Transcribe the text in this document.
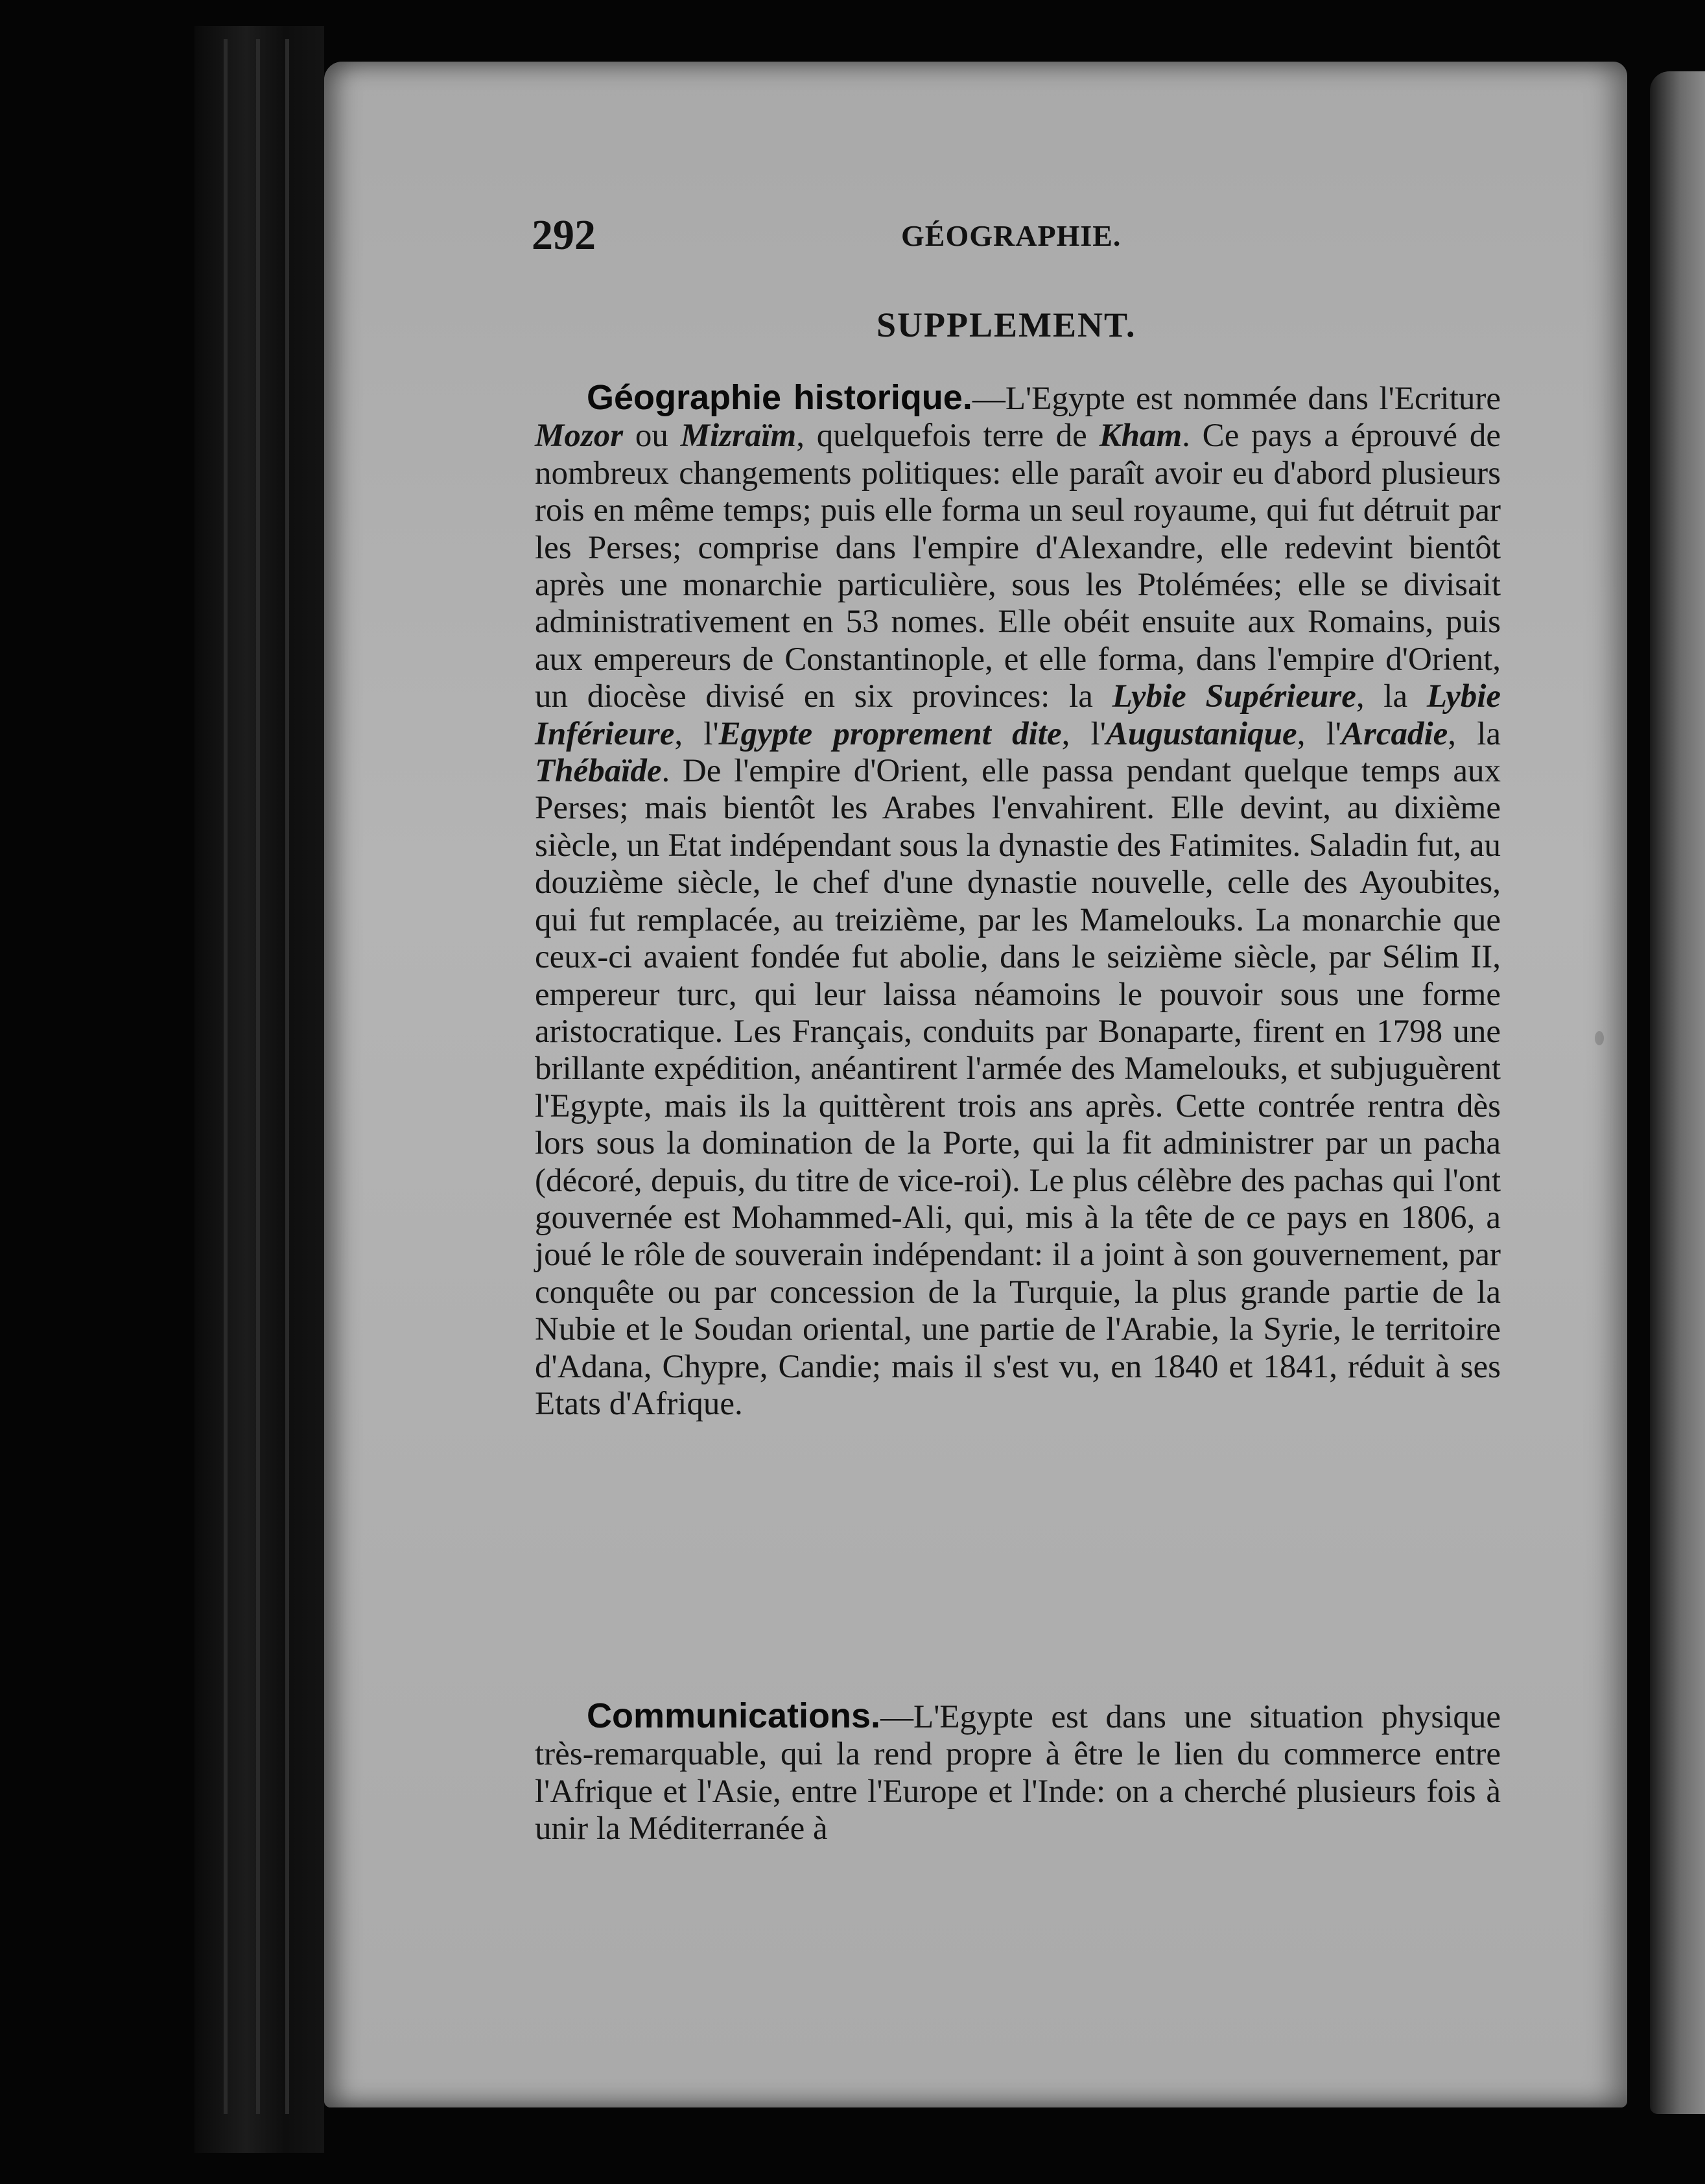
292	GÉOGRAPHIE.
SUPPLEMENT.

Géographie historique.—L'Egypte est nommée dans l'Ecriture Mozor ou Mizraïm, quelquefois terre de Kham. Ce pays a éprouvé de nombreux changements politiques: elle paraît avoir eu d'abord plusieurs rois en même temps; puis elle forma un seul royaume, qui fut détruit par les Perses; comprise dans l'empire d'Alexandre, elle redevint bientôt après une monarchie particulière, sous les Ptolémées; elle se divisait administrativement en 53 nomes. Elle obéit ensuite aux Romains, puis aux empereurs de Constantinople, et elle forma, dans l'empire d'Orient, un diocèse divisé en six provinces: la Lybie Supérieure, la Lybie Inférieure, l'Egypte proprement dite, l'Augustanique, l'Arcadie, la Thébaïde. De l'empire d'Orient, elle passa pendant quelque temps aux Perses; mais bientôt les Arabes l'envahirent. Elle devint, au dixième siècle, un Etat indépendant sous la dynastie des Fatimites. Saladin fut, au douzième siècle, le chef d'une dynastie nouvelle, celle des Ayoubites, qui fut remplacée, au treizième, par les Mamelouks. La monarchie que ceux-ci avaient fondée fut abolie, dans le seizième siècle, par Sélim II, empereur turc, qui leur laissa néamoins le pouvoir sous une forme aristocratique. Les Français, conduits par Bonaparte, firent en 1798 une brillante expédition, anéantirent l'armée des Mamelouks, et subjuguèrent l'Egypte, mais ils la quittèrent trois ans après. Cette contrée rentra dès lors sous la domination de la Porte, qui la fit administrer par un pacha (décoré, depuis, du titre de vice-roi). Le plus célèbre des pachas qui l'ont gouvernée est Mohammed-Ali, qui, mis à la tête de ce pays en 1806, a joué le rôle de souverain indépendant: il a joint à son gouvernement, par conquête ou par concession de la Turquie, la plus grande partie de la Nubie et le Soudan oriental, une partie de l'Arabie, la Syrie, le territoire d'Adana, Chypre, Candie; mais il s'est vu, en 1840 et 1841, réduit à ses Etats d'Afrique.

Communications.—L'Egypte est dans une situation physique très-remarquable, qui la rend propre à être le lien du commerce entre l'Afrique et l'Asie, entre l'Europe et l'Inde: on a cherché plusieurs fois à unir la Méditerranée à
